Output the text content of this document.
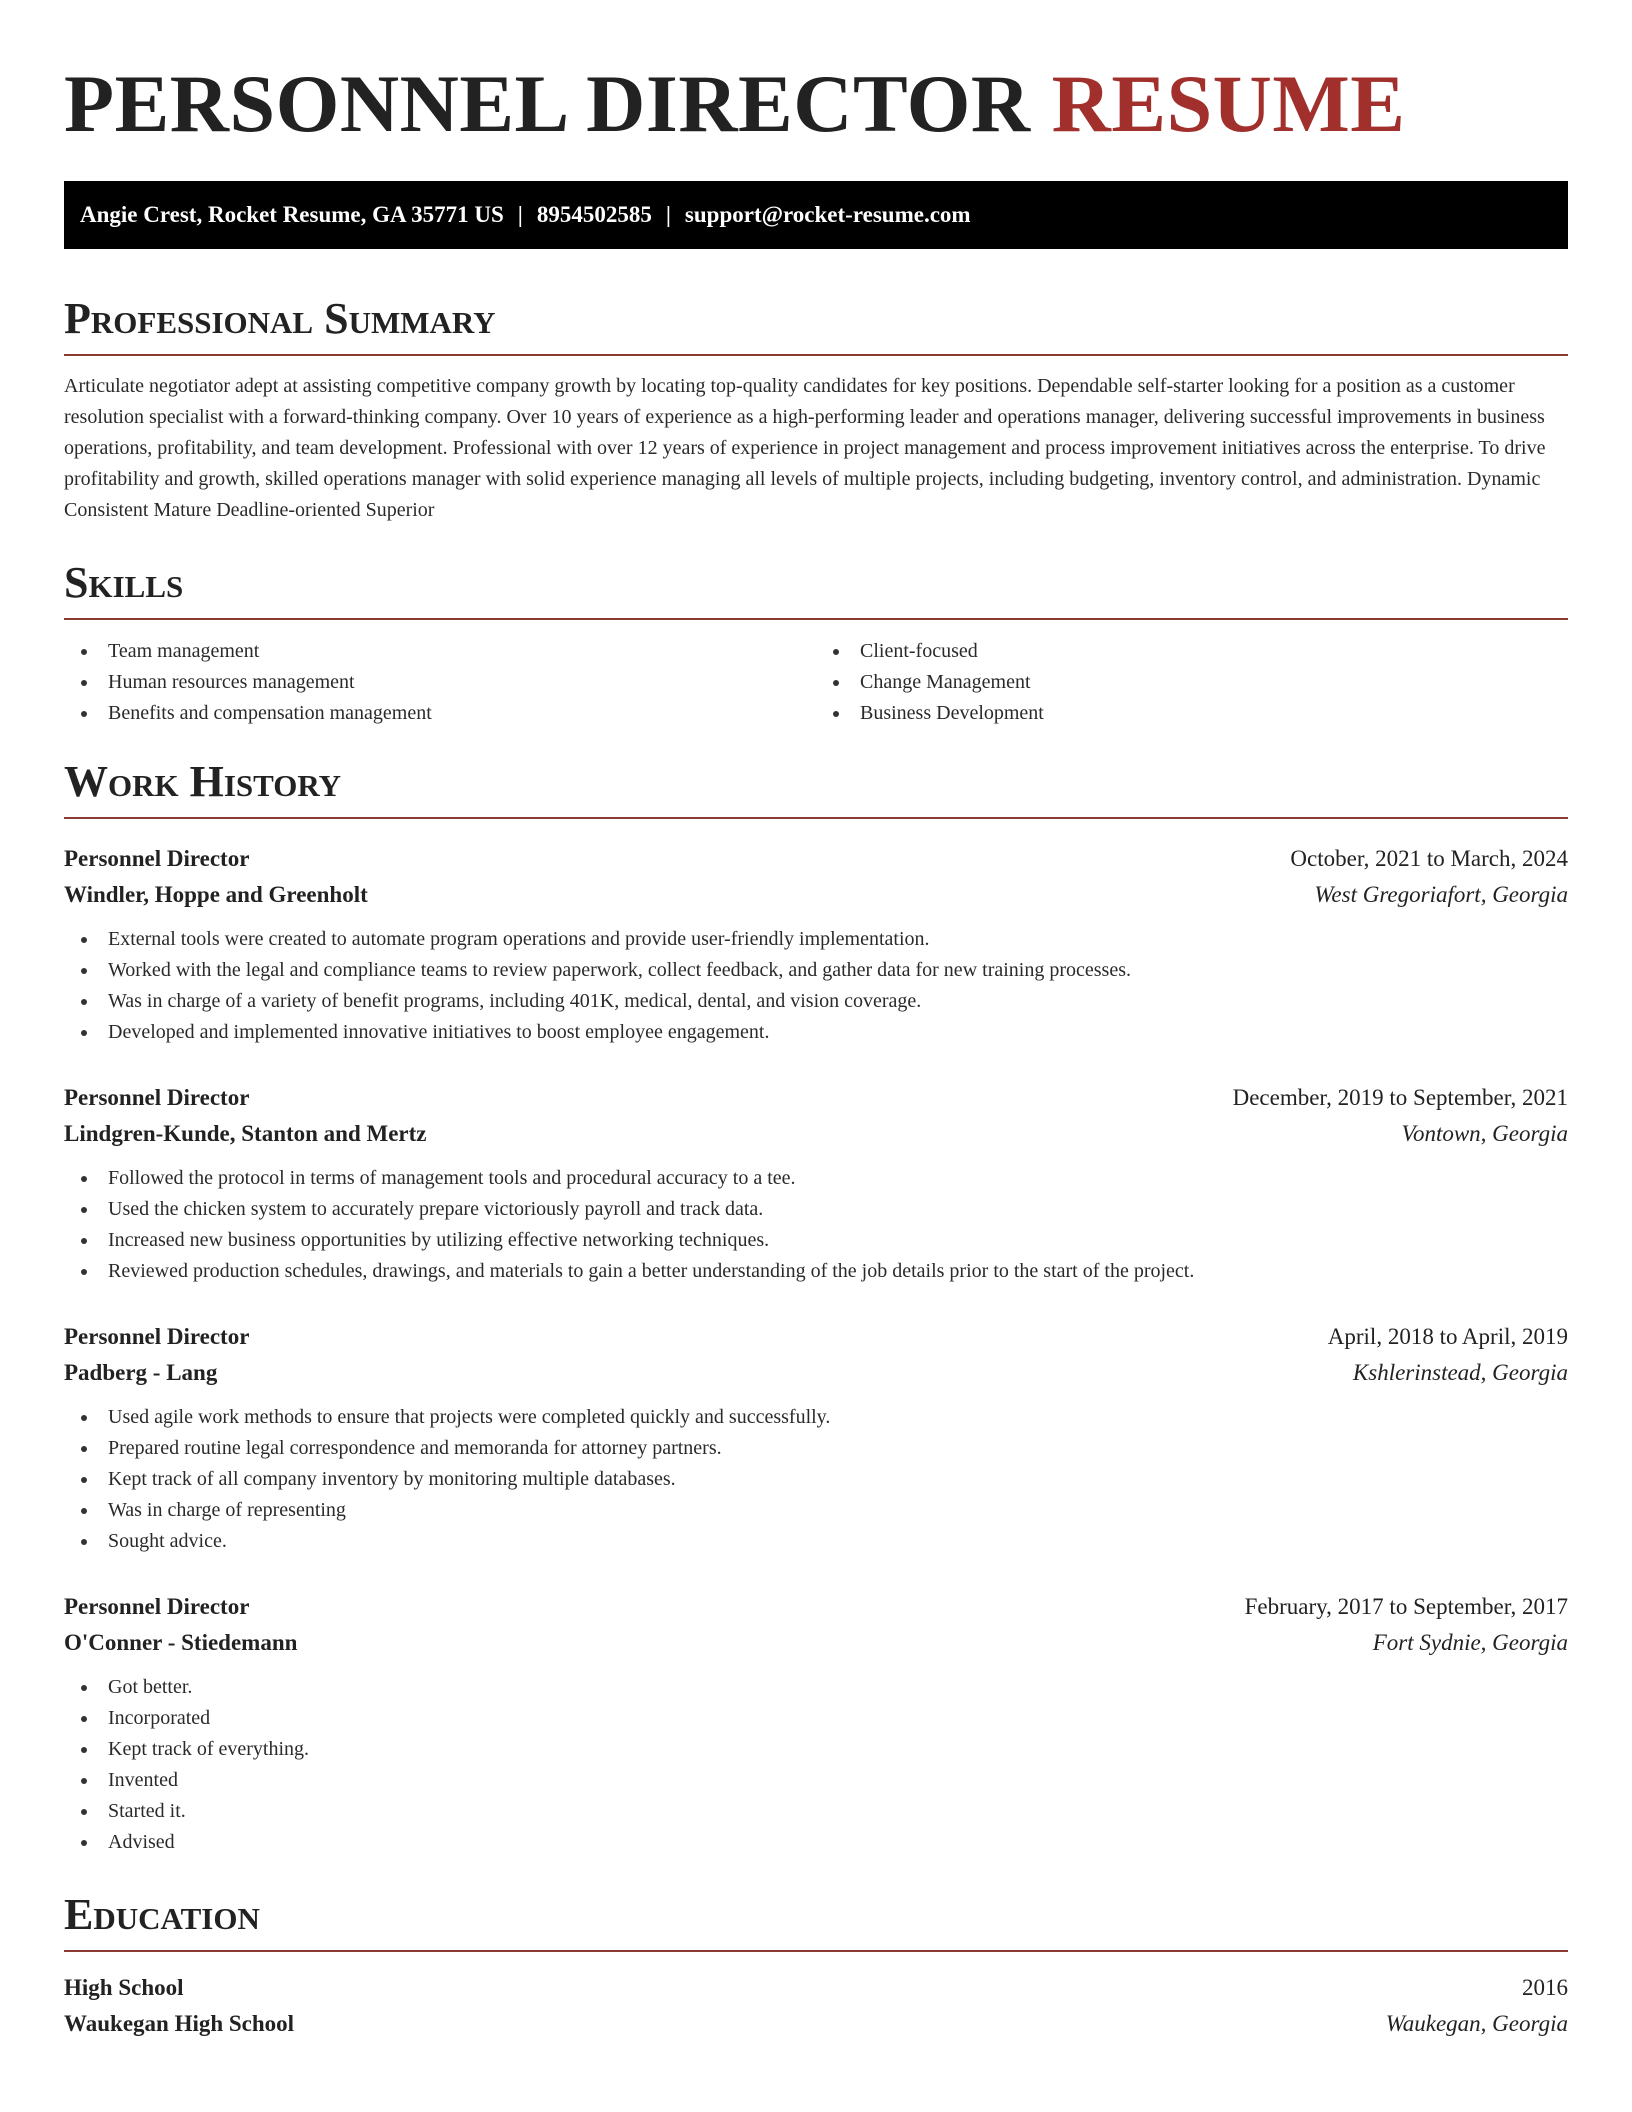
PERSONNEL DIRECTOR RESUME
Angie Crest, Rocket Resume, GA 35771 US | 8954502585 | support@rocket-resume.com
Professional Summary

Articulate negotiator adept at assisting competitive company growth by locating top-quality candidates for key positions. Dependable self-starter looking for a position as a customer resolution specialist with a forward-thinking company. Over 10 years of experience as a high-performing leader and operations manager, delivering successful improvements in business operations, profitability, and team development. Professional with over 12 years of experience in project management and process improvement initiatives across the enterprise. To drive profitability and growth, skilled operations manager with solid experience managing all levels of multiple projects, including budgeting, inventory control, and administration. Dynamic Consistent Mature Deadline-oriented Superior

Skills
Team management
Human resources management
Benefits and compensation management
Client-focused
Change Management
Business Development
Work History
Personnel Director	October, 2021 to March, 2024
Windler, Hoppe and Greenholt	West Gregoriafort, Georgia
External tools were created to automate program operations and provide user-friendly implementation.
Worked with the legal and compliance teams to review paperwork, collect feedback, and gather data for new training processes.
Was in charge of a variety of benefit programs, including 401K, medical, dental, and vision coverage.
Developed and implemented innovative initiatives to boost employee engagement.
Personnel Director	December, 2019 to September, 2021
Lindgren-Kunde, Stanton and Mertz	Vontown, Georgia
Followed the protocol in terms of management tools and procedural accuracy to a tee.
Used the chicken system to accurately prepare victoriously payroll and track data.
Increased new business opportunities by utilizing effective networking techniques.
Reviewed production schedules, drawings, and materials to gain a better understanding of the job details prior to the start of the project.
Personnel Director	April, 2018 to April, 2019
Padberg - Lang	Kshlerinstead, Georgia
Used agile work methods to ensure that projects were completed quickly and successfully.
Prepared routine legal correspondence and memoranda for attorney partners.
Kept track of all company inventory by monitoring multiple databases.
Was in charge of representing
Sought advice.
Personnel Director	February, 2017 to September, 2017
O'Conner - Stiedemann	Fort Sydnie, Georgia
Got better.
Incorporated
Kept track of everything.
Invented
Started it.
Advised
Education
High School	2016
Waukegan High School	Waukegan, Georgia
